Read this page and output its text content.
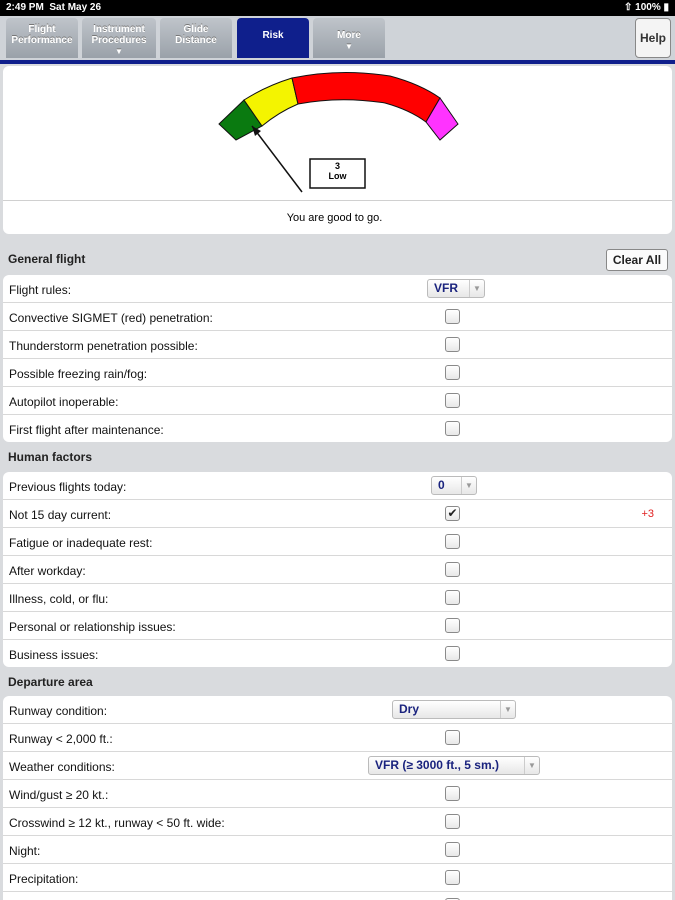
2:49 PM Sat May 26	⇧ 100% ▮
Flight
Performance
Instrument
Procedures
▼
Glide
Distance	Risk	More
▼
Help
3
Low
You are good to go.
General flight	Clear All
Flight rules:	VFR	▼
Convective SIGMET (red) penetration:
Thunderstorm penetration possible:
Possible freezing rain/fog:
Autopilot inoperable:
First flight after maintenance:
Human factors
Previous flights today:	0	▼
Not 15 day current:	✔	+3
Fatigue or inadequate rest:
After workday:
Illness, cold, or flu:
Personal or relationship issues:
Business issues:
Departure area
Runway condition:	Dry	▼
Runway < 2,000 ft.:
Weather conditions:	VFR (≥ 3000 ft., 5 sm.)	▼
Wind/gust ≥ 20 kt.:
Crosswind ≥ 12 kt., runway < 50 ft. wide:
Night:
Precipitation:
